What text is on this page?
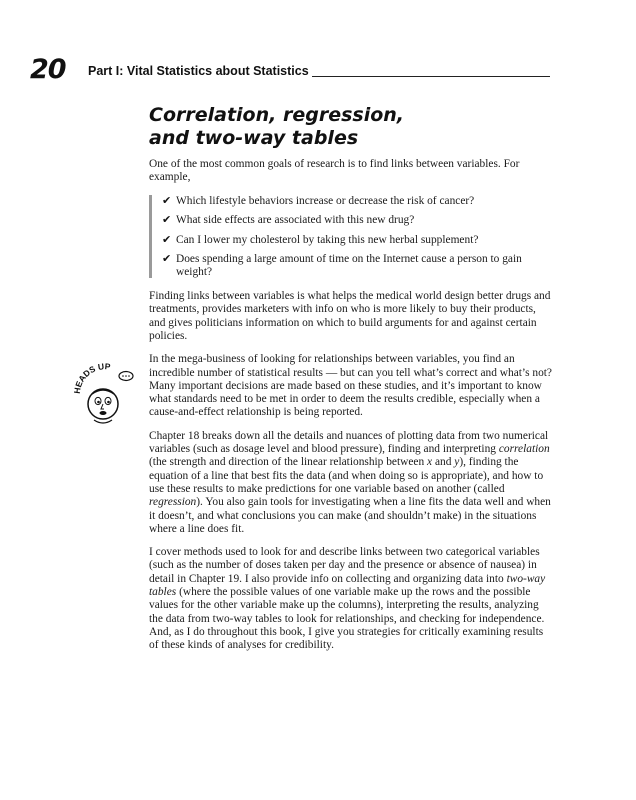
20 Part I: Vital Statistics about Statistics
HEADS UP
Correlation, regression,
and two-way tables

One of the most common goals of research is to find links between variables. For example,

✔ Which lifestyle behaviors increase or decrease the risk of cancer?
✔ What side effects are associated with this new drug?
✔ Can I lower my cholesterol by taking this new herbal supplement?
✔ Does spending a large amount of time on the Internet cause a person to gain weight?

Finding links between variables is what helps the medical world design better drugs and treatments, provides marketers with info on who is more likely to buy their products, and gives politicians information on which to build arguments for and against certain policies.

In the mega-business of looking for relationships between variables, you find an incredible number of statistical results — but can you tell what’s correct and what’s not? Many important decisions are made based on these studies, and it’s important to know what standards need to be met in order to deem the results credible, especially when a cause-and-effect relationship is being reported.

Chapter 18 breaks down all the details and nuances of plotting data from two numerical variables (such as dosage level and blood pressure), finding and interpreting correlation (the strength and direction of the linear relationship between x and y), finding the equation of a line that best fits the data (and when doing so is appropriate), and how to use these results to make predictions for one variable based on another (called regression). You also gain tools for investigating when a line fits the data well and when it doesn’t, and what conclusions you can make (and shouldn’t make) in the situations where a line does fit.

I cover methods used to look for and describe links between two categorical variables (such as the number of doses taken per day and the presence or absence of nausea) in detail in Chapter 19. I also provide info on collecting and organizing data into two-way tables (where the possible values of one variable make up the rows and the possible values for the other variable make up the columns), interpreting the results, analyzing the data from two-way tables to look for relationships, and checking for independence. And, as I do throughout this book, I give you strategies for critically examining results of these kinds of analyses for credibility.
